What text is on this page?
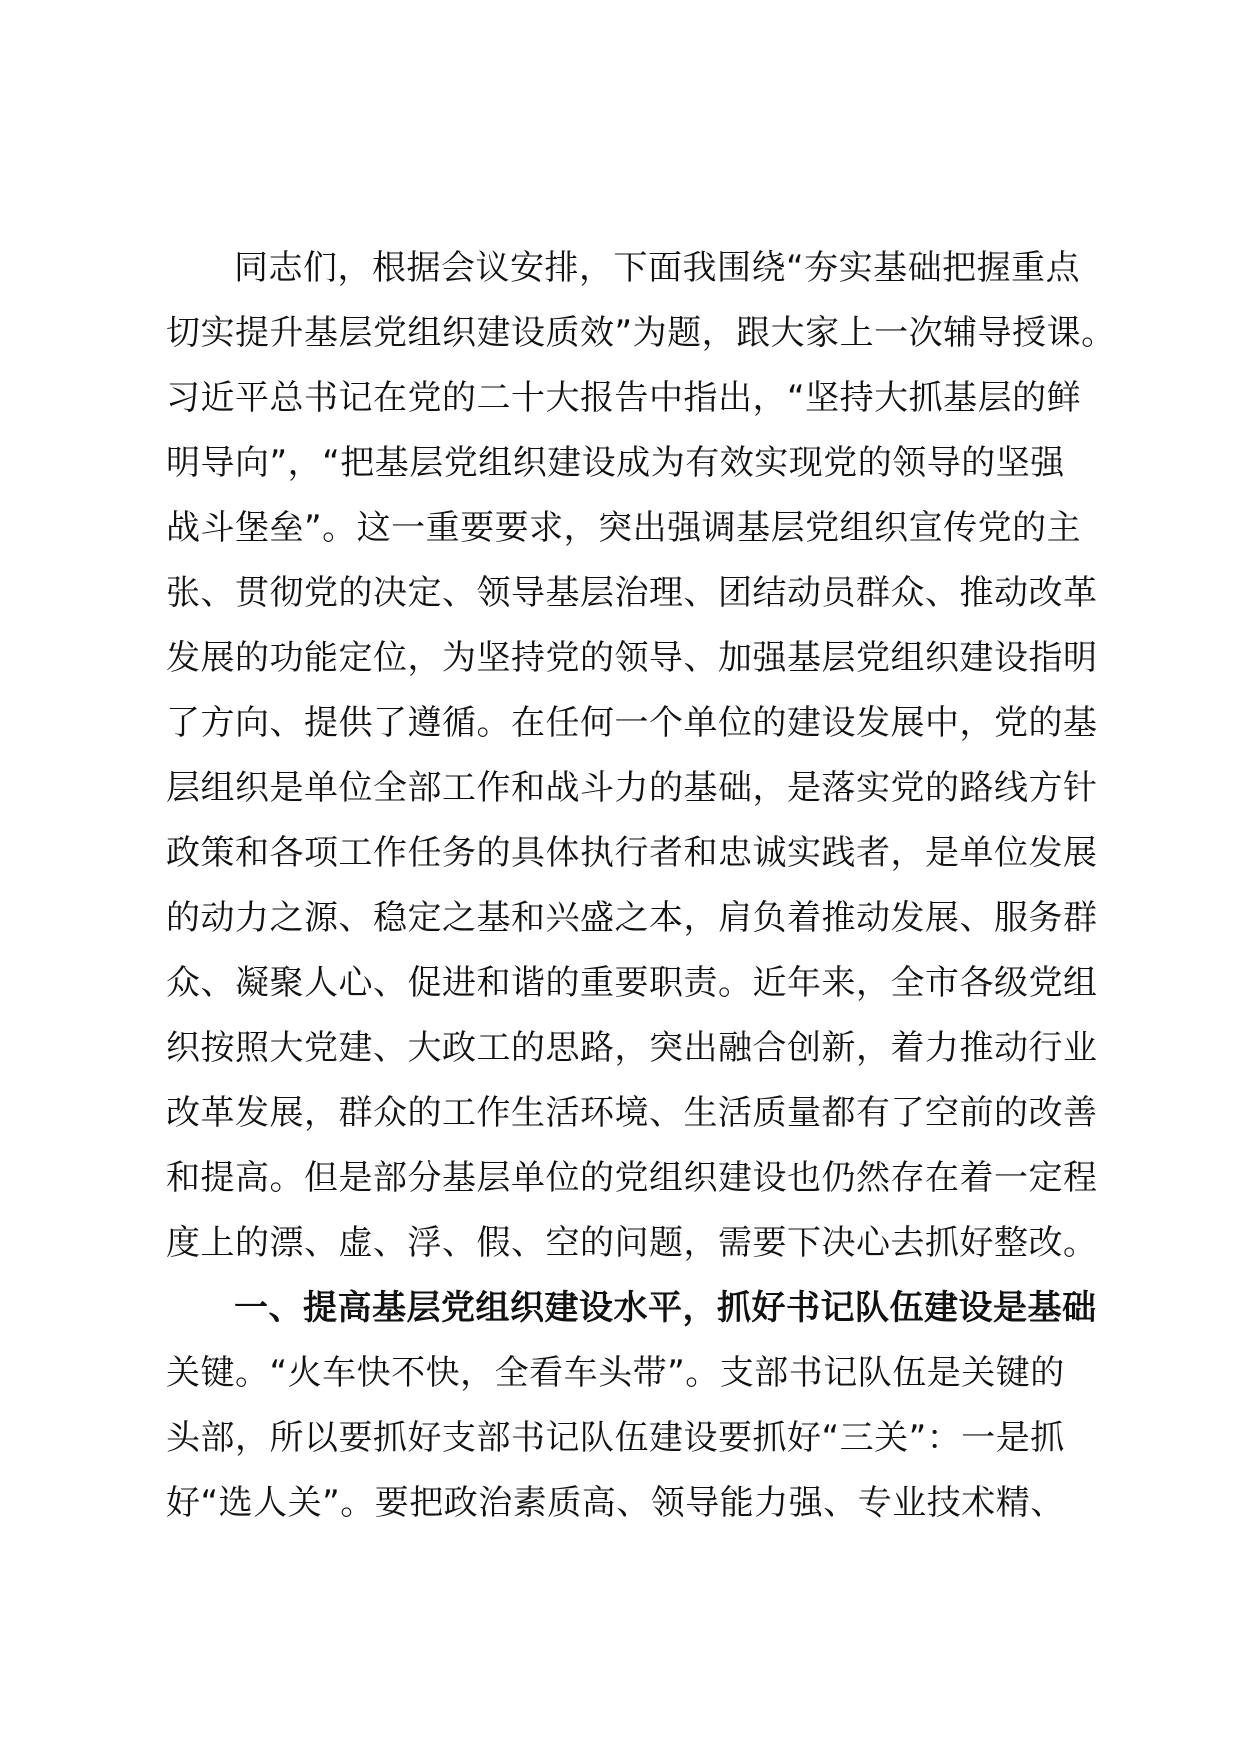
同志们，根据会议安排，下面我围绕“夯实基础把握重点
切实提升基层党组织建设质效”为题，跟大家上一次辅导授课。
习近平总书记在党的二十大报告中指出，“坚持大抓基层的鲜
明导向”，“把基层党组织建设成为有效实现党的领导的坚强
战斗堡垒”。这一重要要求，突出强调基层党组织宣传党的主
张、贯彻党的决定、领导基层治理、团结动员群众、推动改革
发展的功能定位，为坚持党的领导、加强基层党组织建设指明
了方向、提供了遵循。在任何一个单位的建设发展中，党的基
层组织是单位全部工作和战斗力的基础，是落实党的路线方针
政策和各项工作任务的具体执行者和忠诚实践者，是单位发展
的动力之源、稳定之基和兴盛之本，肩负着推动发展、服务群
众、凝聚人心、促进和谐的重要职责。近年来，全市各级党组
织按照大党建、大政工的思路，突出融合创新，着力推动行业
改革发展，群众的工作生活环境、生活质量都有了空前的改善
和提高。但是部分基层单位的党组织建设也仍然存在着一定程
度上的漂、虚、浮、假、空的问题，需要下决心去抓好整改。
一、提高基层党组织建设水平，抓好书记队伍建设是基础
关键。“火车快不快，全看车头带”。支部书记队伍是关键的
头部，所以要抓好支部书记队伍建设要抓好“三关”：一是抓
好“选人关”。要把政治素质高、领导能力强、专业技术精、
